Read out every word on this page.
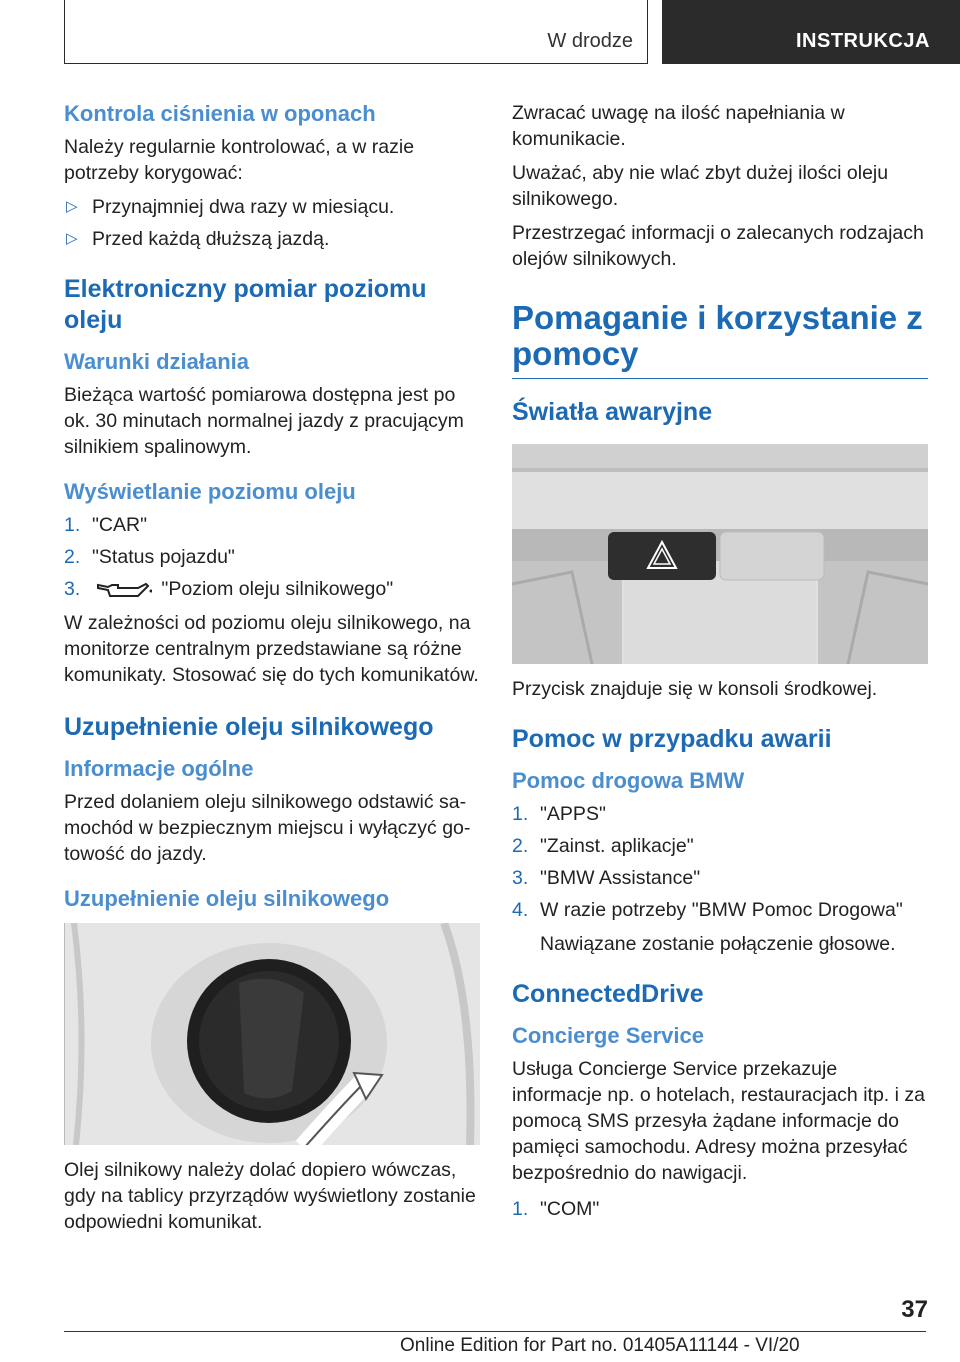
W drodze	INSTRUKCJA
Kontrola ciśnienia w oponach

Należy regularnie kontrolować, a w razie potrzeby korygować:

▷ Przynajmniej dwa razy w miesiącu.
▷ Przed każdą dłuższą jazdą.
Elektroniczny pomiar poziomu oleju
Warunki działania

Bieżąca wartość pomiarowa dostępna jest po ok. 30 minutach normalnej jazdy z pracującym silnikiem spalinowym.

Wyświetlanie poziomu oleju
1. "CAR"
2. "Status pojazdu"
3.	"Poziom oleju silnikowego"

W zależności od poziomu oleju silnikowego, na monitorze centralnym przedstawiane są różne komunikaty. Stosować się do tych komunikatów.

Uzupełnienie oleju silnikowego
Informacje ogólne

Przed dolaniem oleju silnikowego odstawić samochód w bezpiecznym miejscu i wyłączyć gotowość do jazdy.

Uzupełnienie oleju silnikowego

Olej silnikowy należy dolać dopiero wówczas, gdy na tablicy przyrządów wyświetlony zostanie odpowiedni komunikat.

Zwracać uwagę na ilość napełniania w komunikacie.

Uważać, aby nie wlać zbyt dużej ilości oleju silnikowego.

Przestrzegać informacji o zalecanych rodzajach olejów silnikowych.

Pomaganie i korzystanie z pomocy
Światła awaryjne

Przycisk znajduje się w konsoli środkowej.

Pomoc w przypadku awarii
Pomoc drogowa BMW
1. "APPS"
2. "Zainst. aplikacje"
3. "BMW Assistance"
4. W razie potrzeby "BMW Pomoc Drogowa"

Nawiązane zostanie połączenie głosowe.

ConnectedDrive
Concierge Service

Usługa Concierge Service przekazuje informacje np. o hotelach, restauracjach itp. i za pomocą SMS przesyła żądane informacje do pamięci samochodu. Adresy można przesyłać bezpośrednio do nawigacji.

1. "COM"
37
Online Edition for Part no. 01405A11144 - VI/20
